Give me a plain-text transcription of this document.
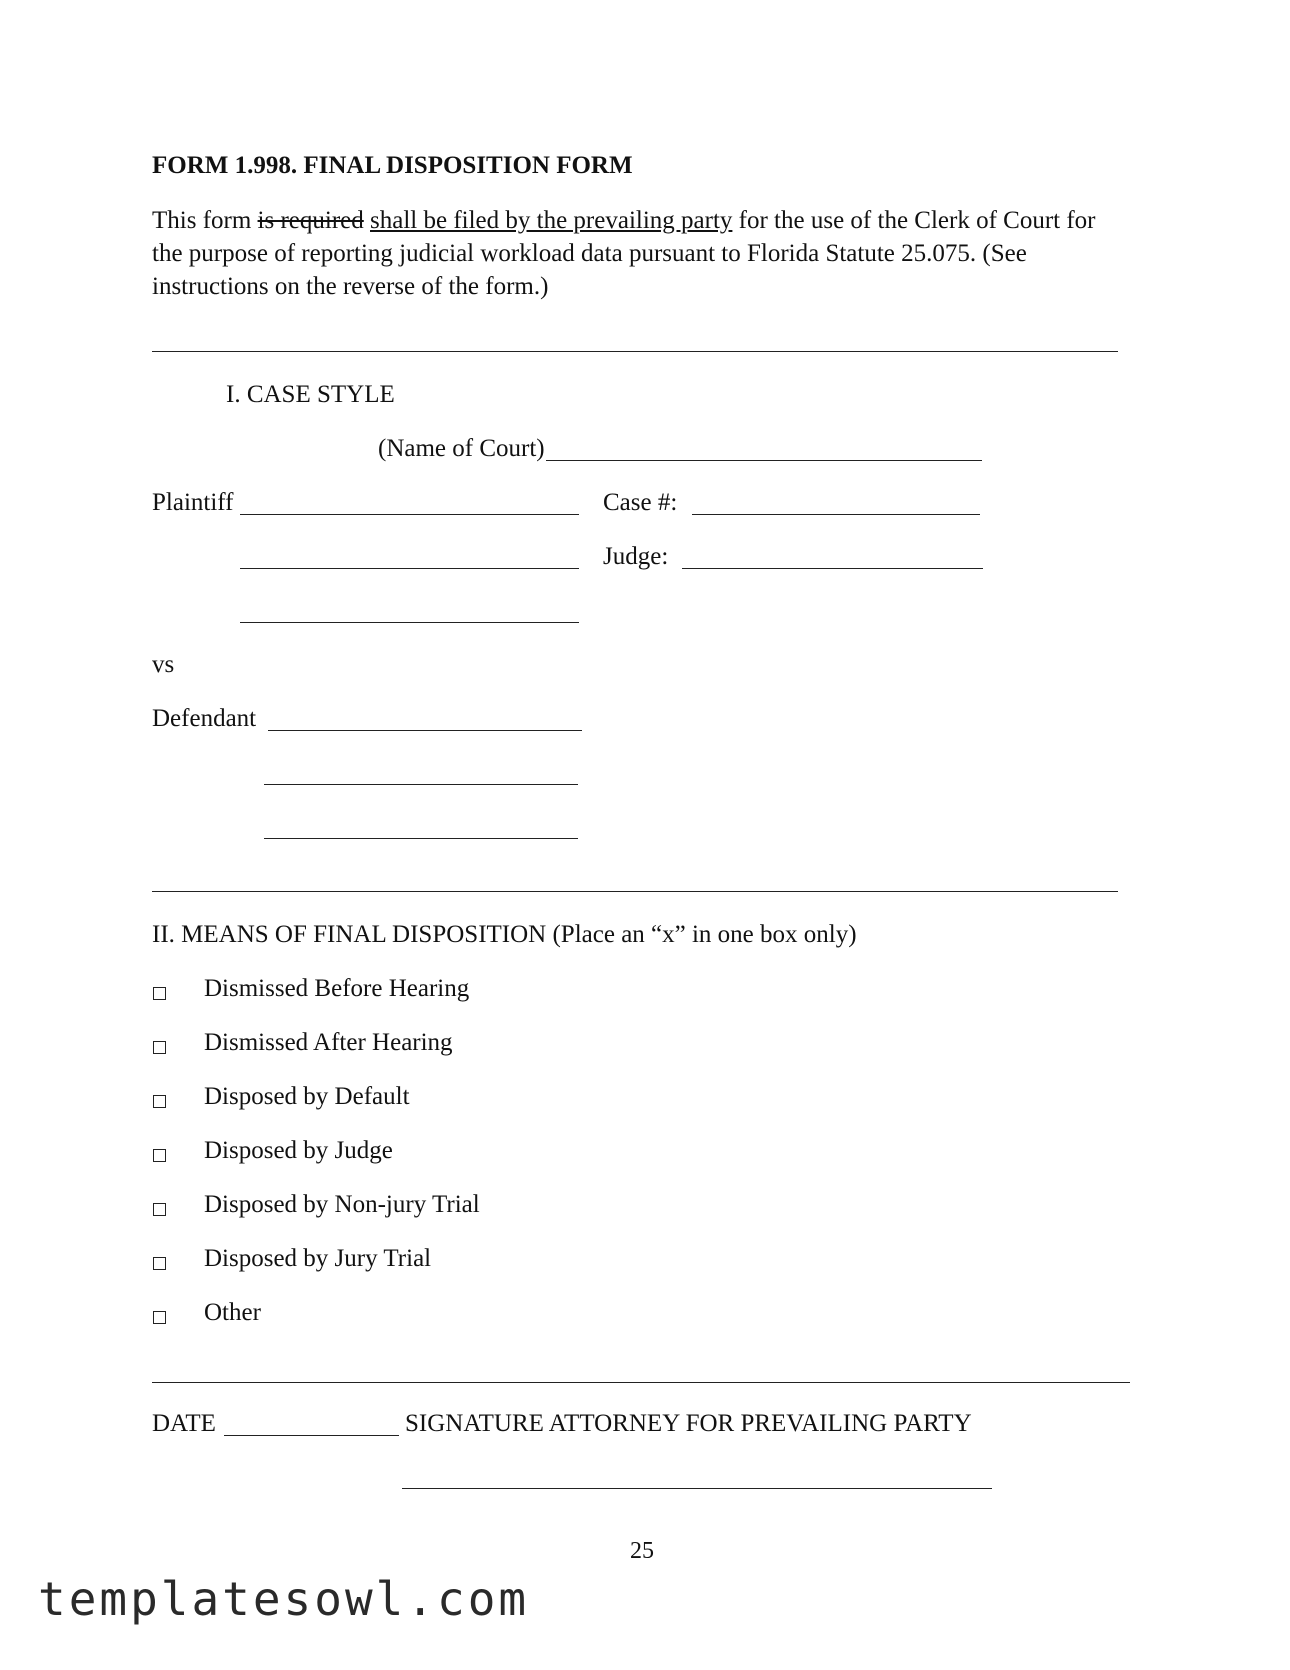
FORM 1.998. FINAL DISPOSITION FORM
This form is required shall be filed by the prevailing party for the use of the Clerk of Court for the purpose of reporting judicial workload data pursuant to Florida Statute 25.075. (See instructions on the reverse of the form.)
I. CASE STYLE
(Name of Court)
Plaintiff	Case #:
Judge:
vs
Defendant
II. MEANS OF FINAL DISPOSITION (Place an “x” in one box only)
Dismissed Before Hearing
Dismissed After Hearing
Disposed by Default
Disposed by Judge
Disposed by Non-jury Trial
Disposed by Jury Trial
Other
DATE	SIGNATURE ATTORNEY FOR PREVAILING PARTY
25
templatesowl.com
